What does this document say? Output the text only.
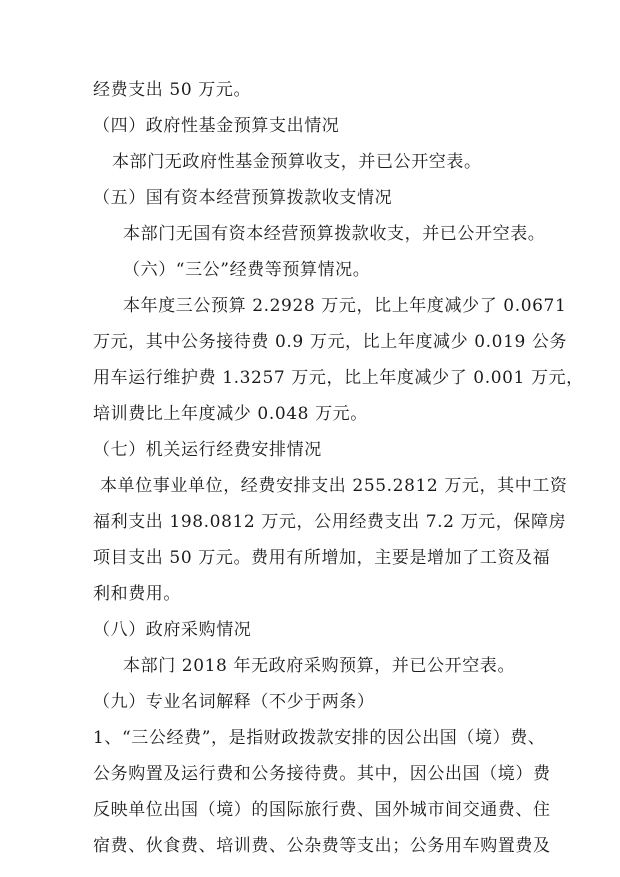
经费支出 50 万元。
（四）政府性基金预算支出情况
本部门无政府性基金预算收支，并已公开空表。
（五）国有资本经营预算拨款收支情况
本部门无国有资本经营预算拨款收支，并已公开空表。
（六）“三公”经费等预算情况。
本年度三公预算 2.2928 万元，比上年度减少了 0.0671
万元，其中公务接待费 0.9 万元，比上年度减少 0.019 公务
用车运行维护费 1.3257 万元，比上年度减少了 0.001 万元，
培训费比上年度减少 0.048 万元。
（七）机关运行经费安排情况
本单位事业单位，经费安排支出 255.2812 万元，其中工资
福利支出 198.0812 万元，公用经费支出 7.2 万元，保障房
项目支出 50 万元。费用有所增加，主要是增加了工资及福
利和费用。
（八）政府采购情况
本部门 2018 年无政府采购预算，并已公开空表。
（九）专业名词解释（不少于两条）
1、“三公经费”，是指财政拨款安排的因公出国（境）费、
公务购置及运行费和公务接待费。其中，因公出国（境）费
反映单位出国（境）的国际旅行费、国外城市间交通费、住
宿费、伙食费、培训费、公杂费等支出；公务用车购置费及
